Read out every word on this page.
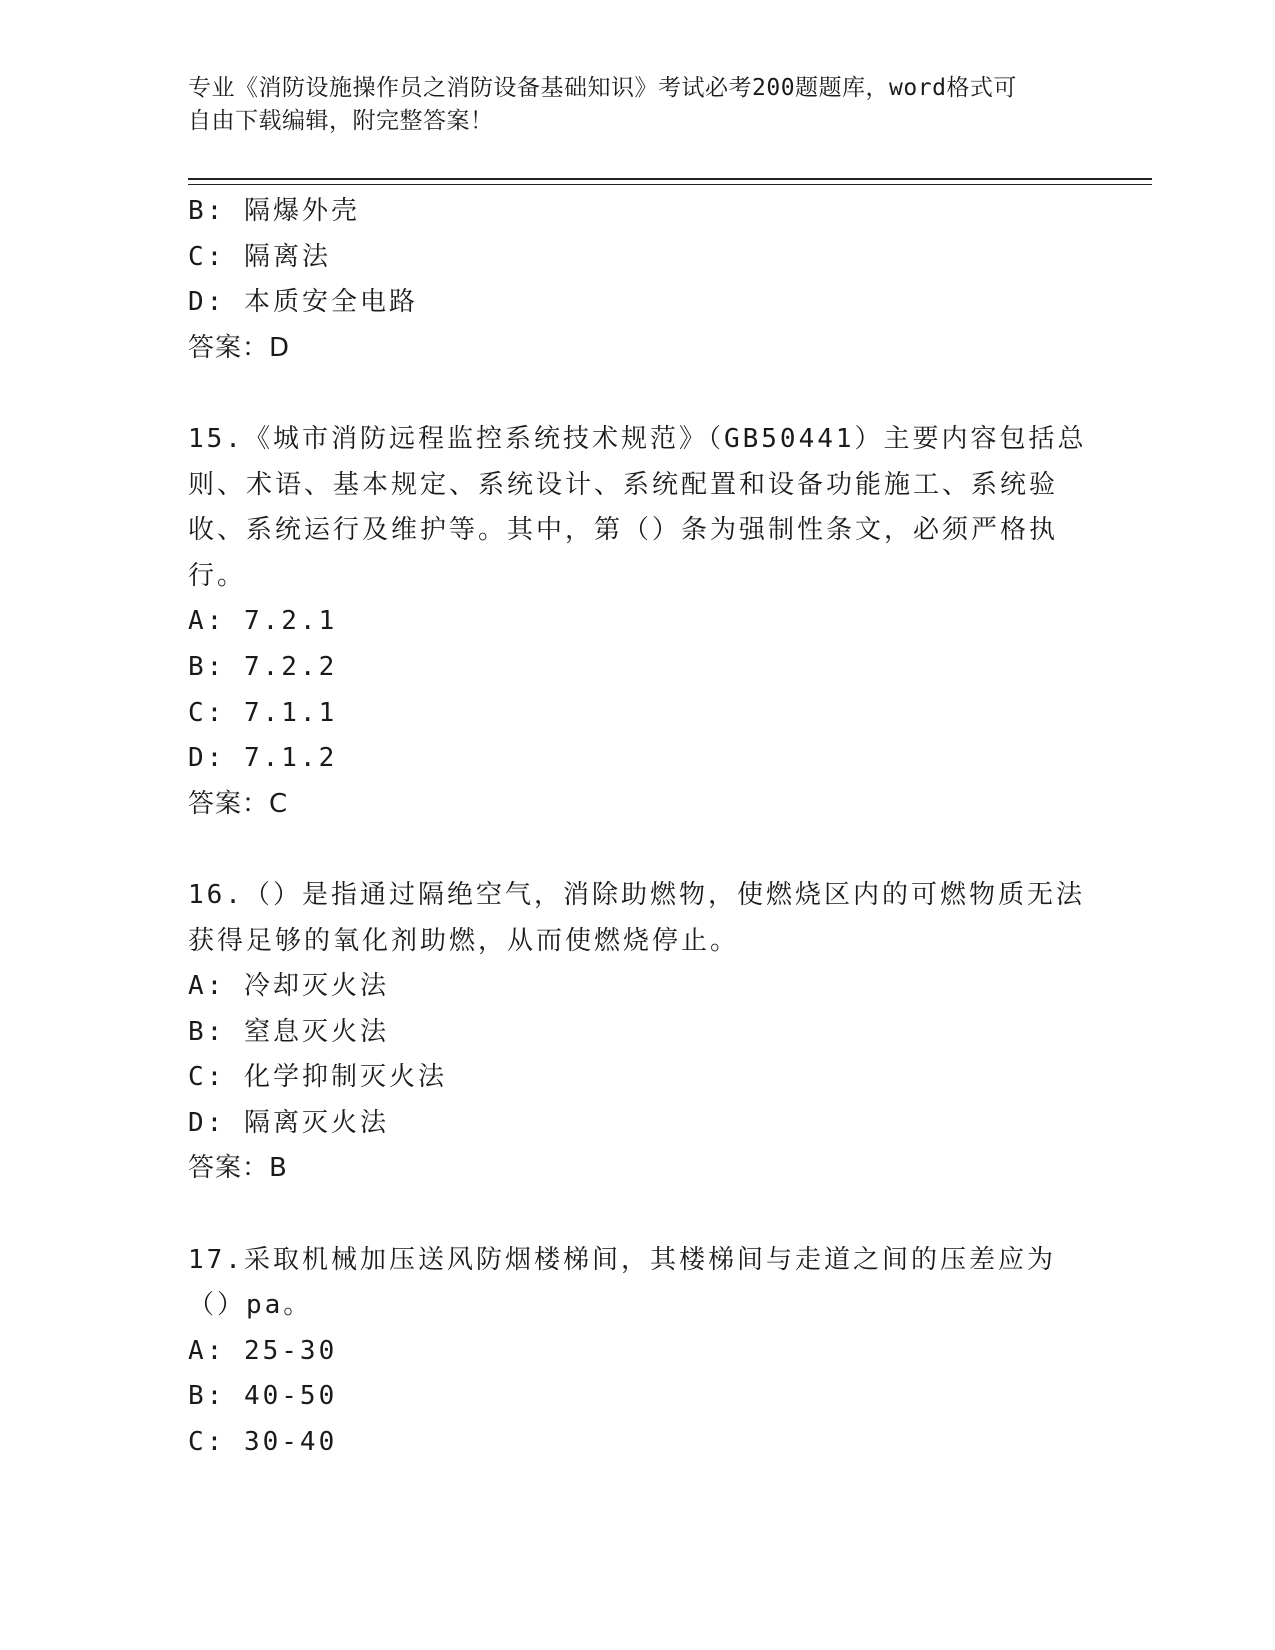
专业《消防设施操作员之消防设备基础知识》考试必考200题题库，word格式可
自由下载编辑，附完整答案！
B: 隔爆外壳
C: 隔离法
D: 本质安全电路
答案：D
15.《城市消防远程监控系统技术规范》（GB50441）主要内容包括总则、术语、基本规定、系统设计、系统配置和设备功能施工、系统验收、系统运行及维护等。其中，第（）条为强制性条文，必须严格执行。
A: 7.2.1
B: 7.2.2
C: 7.1.1
D: 7.1.2
答案：C
16.（）是指通过隔绝空气，消除助燃物，使燃烧区内的可燃物质无法获得足够的氧化剂助燃，从而使燃烧停止。
A: 冷却灭火法
B: 窒息灭火法
C: 化学抑制灭火法
D: 隔离灭火法
答案：B
17.采取机械加压送风防烟楼梯间，其楼梯间与走道之间的压差应为（）pa。
A: 25-30
B: 40-50
C: 30-40
